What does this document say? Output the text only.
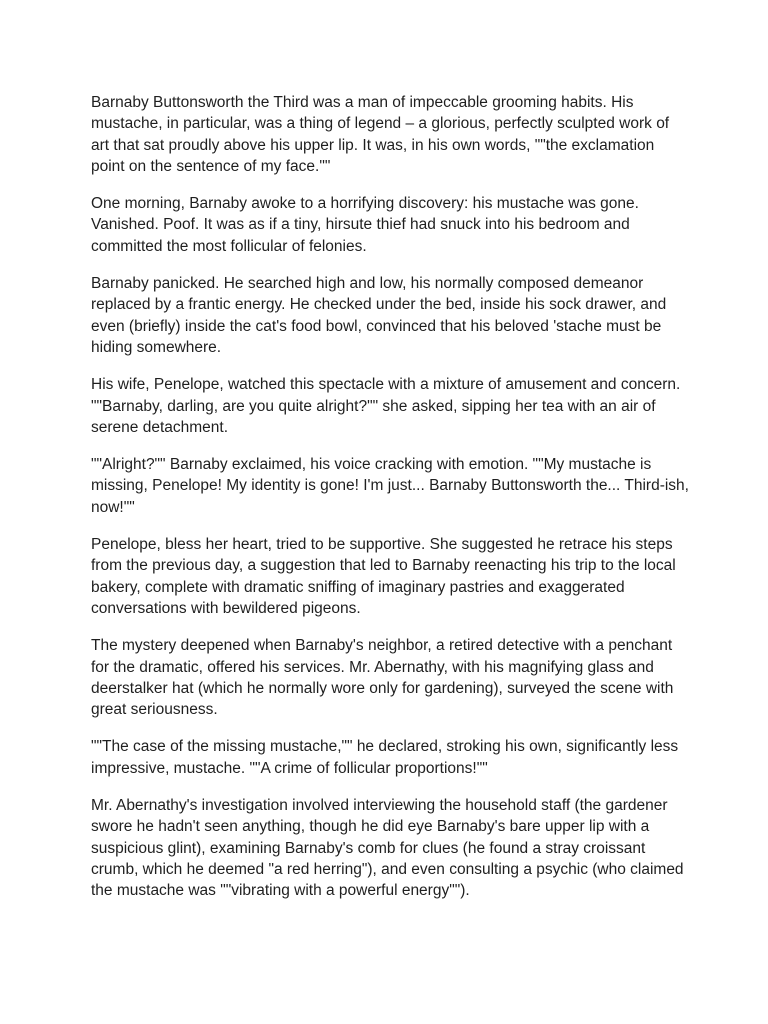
Barnaby Buttonsworth the Third was a man of impeccable grooming habits. His mustache, in particular, was a thing of legend – a glorious, perfectly sculpted work of art that sat proudly above his upper lip. It was, in his own words, ""the exclamation point on the sentence of my face.""

One morning, Barnaby awoke to a horrifying discovery: his mustache was gone. Vanished. Poof. It was as if a tiny, hirsute thief had snuck into his bedroom and committed the most follicular of felonies.

Barnaby panicked. He searched high and low, his normally composed demeanor replaced by a frantic energy. He checked under the bed, inside his sock drawer, and even (briefly) inside the cat's food bowl, convinced that his beloved 'stache must be hiding somewhere.

His wife, Penelope, watched this spectacle with a mixture of amusement and concern. ""Barnaby, darling, are you quite alright?"" she asked, sipping her tea with an air of serene detachment.

""Alright?"" Barnaby exclaimed, his voice cracking with emotion. ""My mustache is missing, Penelope! My identity is gone! I'm just... Barnaby Buttonsworth the... Third-ish, now!""

Penelope, bless her heart, tried to be supportive. She suggested he retrace his steps from the previous day, a suggestion that led to Barnaby reenacting his trip to the local bakery, complete with dramatic sniffing of imaginary pastries and exaggerated conversations with bewildered pigeons.

The mystery deepened when Barnaby's neighbor, a retired detective with a penchant for the dramatic, offered his services. Mr. Abernathy, with his magnifying glass and deerstalker hat (which he normally wore only for gardening), surveyed the scene with great seriousness.

""The case of the missing mustache,"" he declared, stroking his own, significantly less impressive, mustache. ""A crime of follicular proportions!""

Mr. Abernathy's investigation involved interviewing the household staff (the gardener swore he hadn't seen anything, though he did eye Barnaby's bare upper lip with a suspicious glint), examining Barnaby's comb for clues (he found a stray croissant crumb, which he deemed "a red herring"), and even consulting a psychic (who claimed the mustache was ""vibrating with a powerful energy"").
